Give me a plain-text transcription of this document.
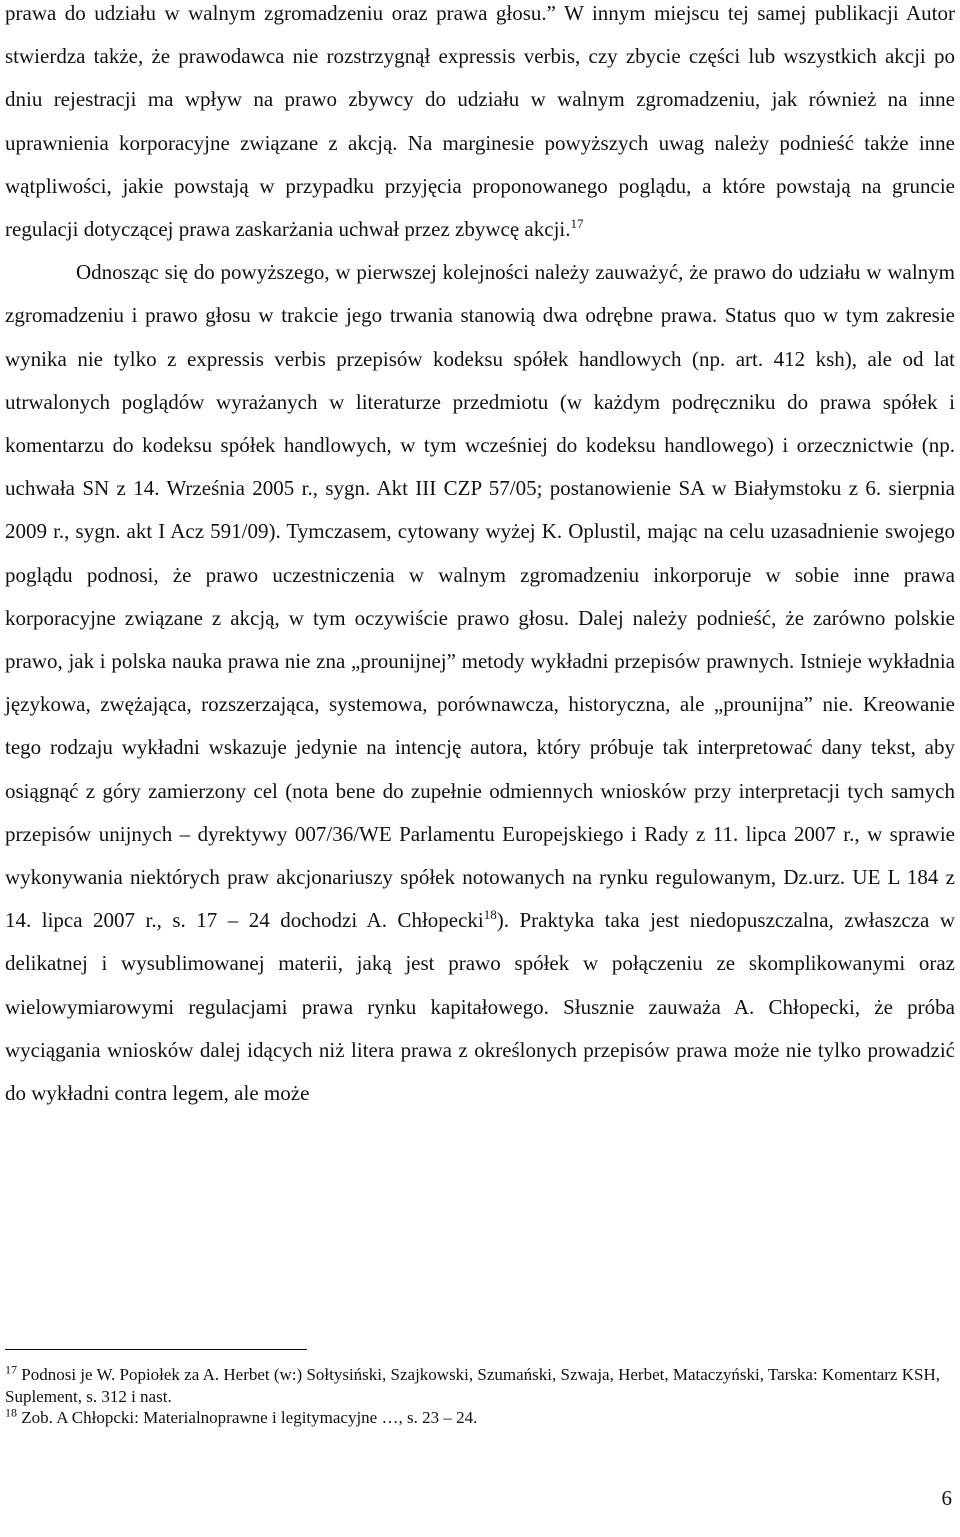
prawa do udziału w walnym zgromadzeniu oraz prawa głosu.” W innym miejscu tej samej publikacji Autor stwierdza także, że prawodawca nie rozstrzygnął expressis verbis, czy zbycie części lub wszystkich akcji po dniu rejestracji ma wpływ na prawo zbywcy do udziału w walnym zgromadzeniu, jak również na inne uprawnienia korporacyjne związane z akcją. Na marginesie powyższych uwag należy podnieść także inne wątpliwości, jakie powstają w przypadku przyjęcia proponowanego poglądu, a które powstają na gruncie regulacji dotyczącej prawa zaskarżania uchwał przez zbywcę akcji.$^{17}$

Odnosząc się do powyższego, w pierwszej kolejności należy zauważyć, że prawo do udziału w walnym zgromadzeniu i prawo głosu w trakcie jego trwania stanowią dwa odrębne prawa. Status quo w tym zakresie wynika nie tylko z expressis verbis przepisów kodeksu spółek handlowych (np. art. 412 ksh), ale od lat utrwalonych poglądów wyrażanych w literaturze przedmiotu (w każdym podręczniku do prawa spółek i komentarzu do kodeksu spółek handlowych, w tym wcześniej do kodeksu handlowego) i orzecznictwie (np. uchwała SN z 14. Września 2005 r., sygn. Akt III CZP 57/05; postanowienie SA w Białymstoku z 6. sierpnia 2009 r., sygn. akt I Acz 591/09). Tymczasem, cytowany wyżej K. Oplustil, mając na celu uzasadnienie swojego poglądu podnosi, że prawo uczestniczenia w walnym zgromadzeniu inkorporuje w sobie inne prawa korporacyjne związane z akcją, w tym oczywiście prawo głosu. Dalej należy podnieść, że zarówno polskie prawo, jak i polska nauka prawa nie zna „prounijnej” metody wykładni przepisów prawnych. Istnieje wykładnia językowa, zwężająca, rozszerzająca, systemowa, porównawcza, historyczna, ale „prounijna” nie. Kreowanie tego rodzaju wykładni wskazuje jedynie na intencję autora, który próbuje tak interpretować dany tekst, aby osiągnąć z góry zamierzony cel (nota bene do zupełnie odmiennych wniosków przy interpretacji tych samych przepisów unijnych – dyrektywy 007/36/WE Parlamentu Europejskiego i Rady z 11. lipca 2007 r., w sprawie wykonywania niektórych praw akcjonariuszy spółek notowanych na rynku regulowanym, Dz.urz. UE L 184 z 14. lipca 2007 r., s. 17 – 24 dochodzi A. Chłopecki$^{18}$). Praktyka taka jest niedopuszczalna, zwłaszcza w delikatnej i wysublimowanej materii, jaką jest prawo spółek w połączeniu ze skomplikowanymi oraz wielowymiarowymi regulacjami prawa rynku kapitałowego. Słusznie zauważa A. Chłopecki, że próba wyciągania wniosków dalej idących niż litera prawa z określonych przepisów prawa może nie tylko prowadzić do wykładni contra legem, ale może

$^{17}$ Podnosi je W. Popiołek za A. Herbet (w:) Sołtysiński, Szajkowski, Szumański, Szwaja, Herbet, Mataczyński, Tarska: Komentarz KSH, Suplement, s. 312 i nast.

$^{18}$ Zob. A Chłopcki: Materialnoprawne i legitymacyjne …, s. 23 – 24.

6
